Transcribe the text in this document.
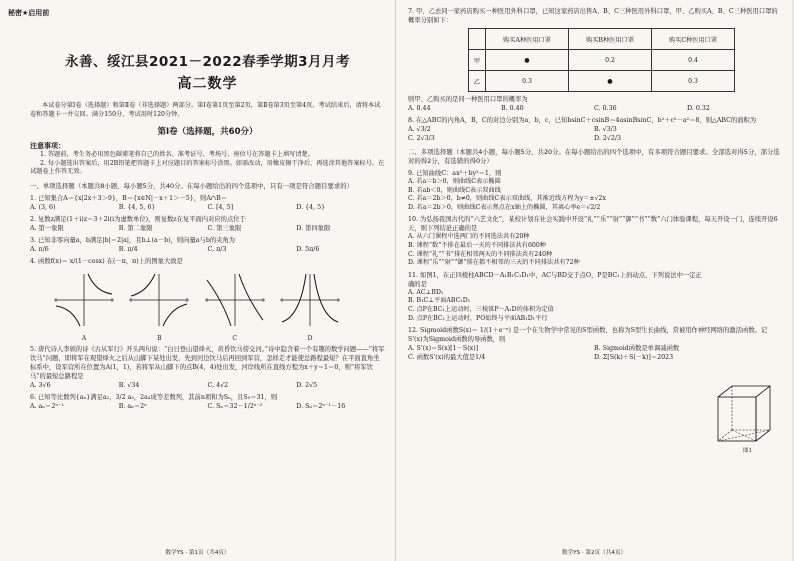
秘密★启用前
永善、绥江县2021－2022春季学期3月月考
高二数学
本试卷分第Ⅰ卷（选择题）和第Ⅱ卷（非选择题）两部分。第Ⅰ卷第1页至第2页，第Ⅱ卷第3页至第4页。考试结束后，请将本试卷和答题卡一并交回。满分150分，考试用时120分钟。
第Ⅰ卷（选择题，共60分）
注意事项：
1. 答题前，考生务必用黑色碳素笔将自己的姓名、准考证号、考场号、座位号在答题卡上填写清楚。
2. 每小题选出答案后，用2B铅笔把答题卡上对应题目的答案标号涂黑。如需改动，用橡皮擦干净后，再选涂其他答案标号。在试题卷上作答无效。
一、单项选择题（本题共8小题，每小题5分，共40分。在每小题给出的四个选项中，只有一项是符合题目要求的）
1. 已知集合A＝{x|2x＋3＞9}，B＝{x∈N|－x＋1＞－5}，则A∩B＝
A. (3, 6)	B. {4, 5, 6}	C. [4, 5]	D. {4, 5}
2. 复数z满足(1＋i)z＝3＋2i(i为虚数单位)，则复数z在复平面内对应的点位于
A. 第一象限	B. 第二象限	C. 第三象限	D. 第四象限
3. 已知非零向量a，b满足|b|＝2|a|，且b⊥(a－b)，则向量a与b的夹角为
A. π/6	B. π/4	C. π/3	D. 5π/6
4. 函数f(x)＝ x/(1－cosx) 在(－π，π)上的图象大致是
A	B	C	D
5. 唐代诗人李颀的诗《古从军行》开头两句说：“白日登山望烽火，黄昏饮马傍交河。”诗中隐含着一个有趣的数学问题——“将军饮马”问题，即将军在观望烽火之后从山脚下某处出发，先到河边饮马后再回到军营，怎样走才能使总路程最短？在平面直角坐标系中，设军营所在位置为A(1，1)，若将军从山脚下的点B(4，4)处出发，河岸线所在直线方程为x＋y＝1＝0，则“将军饮马”的最短总路程是
A. 3√6	B. √34	C. 4√2	D. 2√5
6. 已知等比数列{aₙ}满足a₂，3/2 a₃，2a₄成等差数列，其前n项和为Sₙ，且S₅＝31，则
A. aₙ＝2ⁿ⁻¹	B. aₙ＝2ⁿ	C. Sₙ＝32－1/2ⁿ⁻²	D. Sₙ＝2ⁿ⁻¹－16
数学YS · 第1页（共4页）
7. 甲、乙去同一家药店购买一种医用外科口罩，已知这家药店出售A、B、C三种医用外科口罩，甲、乙购买A、B、C三种医用口罩的概率分别如下：
	购买A种医用口罩	购买B种医用口罩	购买C种医用口罩
甲	●	0.2	0.4
乙	0.3	●	0.3
则甲、乙购买的是同一种医用口罩的概率为
A. 0.44	B. 0.40	C. 0.36	D. 0.32
8. 在△ABC的内角A，B，C的对边分别为a，b，c，已知bsinC＋csinB＝4asinBsinC，b²＋c²－a²＝8，则△ABC的面积为
A. √3/2	B. √3/3
C. 2√3/3	D. 2√2/3
二、多项选择题（本题共4小题，每小题5分，共20分。在每小题给出的四个选项中，有多项符合题目要求。全部选对得5分，部分选对的得2分，有选错的得0分）
9. 已知曲线C：ax²＋by²＝1，则
A. 若a＝b＞0，则曲线C表示椭圆
B. 若ab＜0，则曲线C表示双曲线
C. 若a＝2b＞0，b≠0，则曲线C表示双曲线，其渐近线方程为y＝±√2x
D. 若a＝2b＞0，则曲线C表示焦点在x轴上的椭圆，其离心率e＝√2/2
10. 为弘扬我国古代的“六艺文化”，某校计划在社会实践中开设“礼”“乐”“射”“御”“书”“数”六门体验课程，每天开设一门，连续开设6天，则下列结论正确的是
A. 从六门课程中选两门的不同选法共有20种
B. 课程“数”不排在最后一天的不同排法共有600种
C. 课程“礼”“书”排在相邻两天的不同排法共有240种
D. 课程“乐”“射”“御”排在都不相邻的三天的不同排法共有72种
11. 如图1，在正四棱柱ABCD－A₁B₁C₁D₁中，AC与BD交于点O，P是BC₁上的动点，下列说法中一定正确的是
A. AC⊥BD₁
B. B₁C⊥平面ABC₁D₁
C. 点P在BC₁上运动时，三棱锥P－A₁D的体积为定值
D. 点P在BC₁上运动时，PO始终与平面AB₁D₁平行
图1
12. Sigmoid函数S(x)＝ 1/(1＋e⁻ˣ) 是一个在生物学中常见的S型函数，也称为S型生长曲线，常被用作神经网络的激活函数。记S'(x)为Sigmoid函数的导函数，则
A. S'(x)＝S(x)[1－S(x)]	B. Sigmoid函数是单调减函数
C. 函数S'(x)的最大值是1/4	D. Σ[S(k)＋S(－k)]＝2023
数学YS · 第2页（共4页）
